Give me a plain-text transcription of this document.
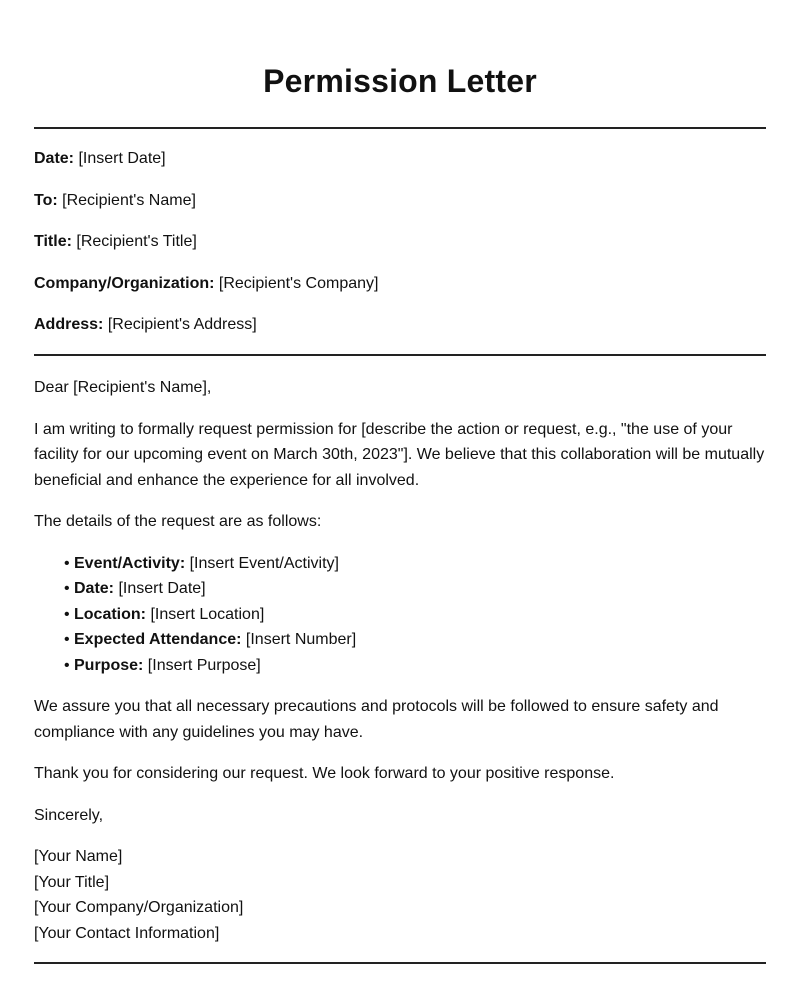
Permission Letter
Date: [Insert Date]
To: [Recipient's Name]
Title: [Recipient's Title]
Company/Organization: [Recipient's Company]
Address: [Recipient's Address]

Dear [Recipient's Name],

I am writing to formally request permission for [describe the action or request, e.g., "the use of your facility for our upcoming event on March 30th, 2023"]. We believe that this collaboration will be mutually beneficial and enhance the experience for all involved.

The details of the request are as follows:

• Event/Activity: [Insert Event/Activity]
• Date: [Insert Date]
• Location: [Insert Location]
• Expected Attendance: [Insert Number]
• Purpose: [Insert Purpose]

We assure you that all necessary precautions and protocols will be followed to ensure safety and compliance with any guidelines you may have.

Thank you for considering our request. We look forward to your positive response.

Sincerely,

[Your Name]
[Your Title]
[Your Company/Organization]
[Your Contact Information]
